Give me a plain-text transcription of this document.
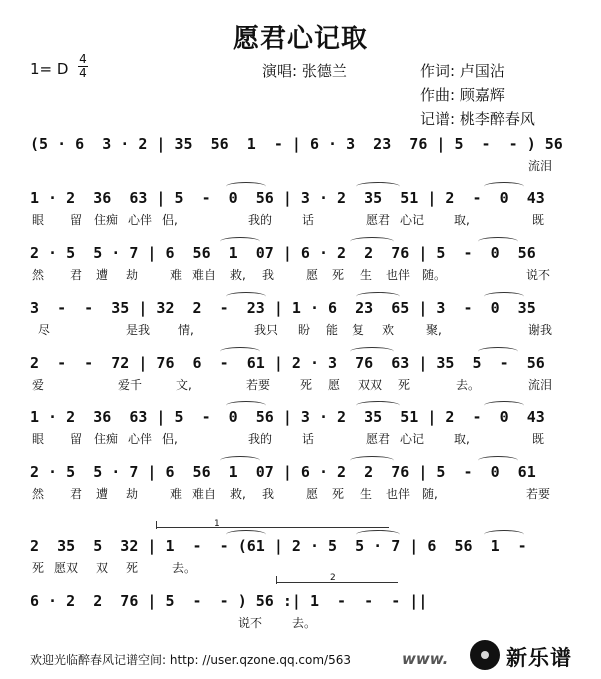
愿君心记取
1= D
4
4	演唱: 张德兰	作词: 卢国沾
作曲: 顾嘉辉
记谱: 桃李醉春风
(5 · 6  3 · 2 | 35  56  1  - | 6 · 3  23  76 | 5  -  - ) 56
流泪
1 · 2  36  63 | 5  -  0  56 | 3 · 2  35  51 | 2  -  0  43
眼 留 住痴 心伴 侣,	我的 话	愿君 心记 取,	既
2 · 5  5 · 7 | 6  56  1  07 | 6 · 2  2  76 | 5  -  0  56
然 君 遭 劫	难 难自 救, 我	愿 死 生 也伴 随。	说不
3  -  -  35 | 32  2  -  23 | 1 · 6  23  65 | 3  -  0  35
尽	是我 情,	我只 盼 能 复 欢	聚,	谢我
2  -  -  72 | 76  6  -  61 | 2 · 3  76  63 | 35  5  -  56
爱	爱千	文,	若要 死 愿 双双 死	去。	流泪
1 · 2  36  63 | 5  -  0  56 | 3 · 2  35  51 | 2  -  0  43
眼 留 住痴 心伴 侣,	我的 话	愿君 心记 取,	既
2 · 5  5 · 7 | 6  56  1  07 | 6 · 2  2  76 | 5  -  0  61
然 君 遭 劫	难 难自 救, 我	愿 死 生 也伴 随,	若要
2  35  5  32 | 1  -  - (61 | 2 · 5  5 · 7 | 6  56  1  -
死 愿双 双 死	去。
6 · 2  2  76 | 5  -  - ) 56 :| 1  -  -  - ||
说不 去。
1
2
欢迎光临醉春风记谱空间: http: //user.qzone.qq.com/563	www.	新乐谱
